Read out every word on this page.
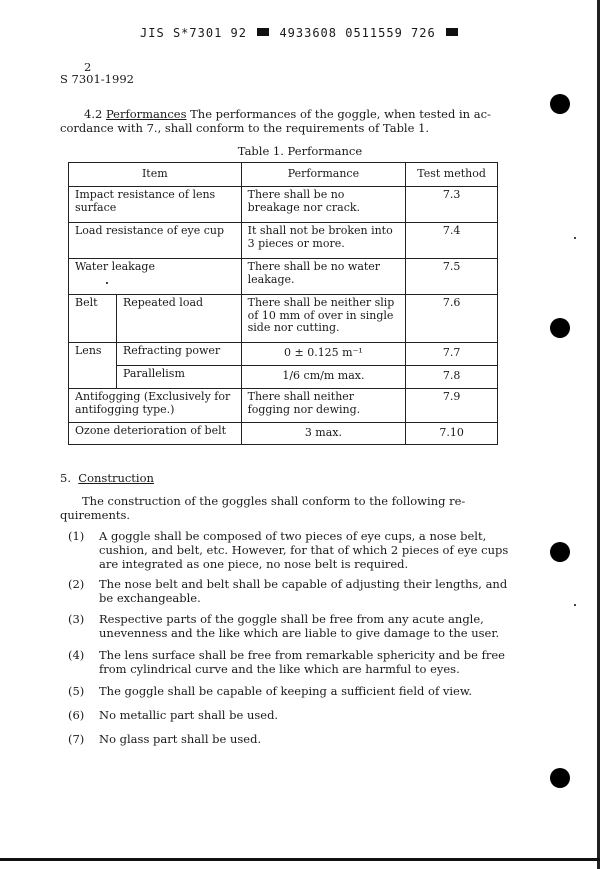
JIS S*7301 92	4933608 0511559 726
2
S 7301-1992
4.2 Performances The performances of the goggle, when tested in ac-
cordance with 7., shall conform to the requirements of Table 1.
Table 1. Performance
Item		Performance	Test method
Impact resistance of lens surface		There shall be no breakage nor crack.	7.3
Load resistance of eye cup		It shall not be broken into 3 pieces or more.	7.4
Water leakage		There shall be no water leakage.	7.5
Belt	Repeated load	There shall be neither slip of 10 mm of over in single side nor cutting.	7.6
Lens	Refracting power	0 ± 0.125 m⁻¹	7.7
	Parallelism	1/6 cm/m max.	7.8
Antifogging (Exclusively for antifogging type.)		There shall neither fogging nor dewing.	7.9
Ozone deterioration of belt		3 max.	7.10
5. Construction
The construction of the goggles shall conform to the following re-
quirements.
(1) A goggle shall be composed of two pieces of eye cups, a nose belt, cushion, and belt, etc. However, for that of which 2 pieces of eye cups are integrated as one piece, no nose belt is required.
(2) The nose belt and belt shall be capable of adjusting their lengths, and be exchangeable.
(3) Respective parts of the goggle shall be free from any acute angle, unevenness and the like which are liable to give damage to the user.
(4) The lens surface shall be free from remarkable sphericity and be free from cylindrical curve and the like which are harmful to eyes.
(5) The goggle shall be capable of keeping a sufficient field of view.
(6) No metallic part shall be used.
(7) No glass part shall be used.
